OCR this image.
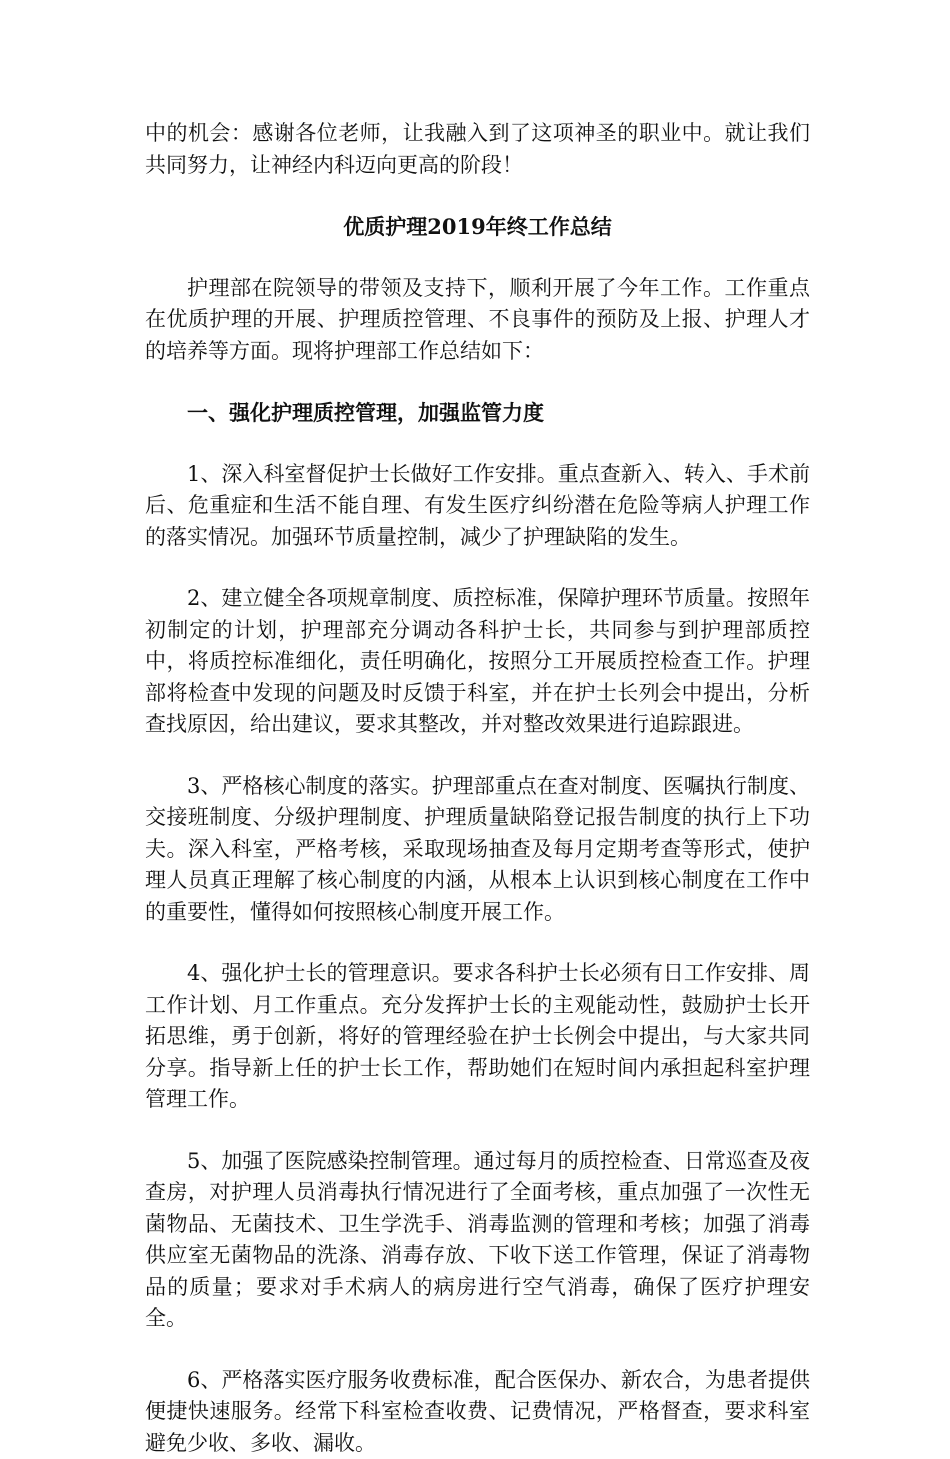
中的机会：感谢各位老师，让我融入到了这项神圣的职业中。就让我们共同努力，让神经内科迈向更高的阶段！

优质护理2019年终工作总结

护理部在院领导的带领及支持下，顺利开展了今年工作。工作重点在优质护理的开展、护理质控管理、不良事件的预防及上报、护理人才的培养等方面。现将护理部工作总结如下：

一、强化护理质控管理，加强监管力度

1、深入科室督促护士长做好工作安排。重点查新入、转入、手术前后、危重症和生活不能自理、有发生医疗纠纷潜在危险等病人护理工作的落实情况。加强环节质量控制，减少了护理缺陷的发生。

2、建立健全各项规章制度、质控标准，保障护理环节质量。按照年初制定的计划，护理部充分调动各科护士长，共同参与到护理部质控中，将质控标准细化，责任明确化，按照分工开展质控检查工作。护理部将检查中发现的问题及时反馈于科室，并在护士长列会中提出，分析查找原因，给出建议，要求其整改，并对整改效果进行追踪跟进。

3、严格核心制度的落实。护理部重点在查对制度、医嘱执行制度、交接班制度、分级护理制度、护理质量缺陷登记报告制度的执行上下功夫。深入科室，严格考核，采取现场抽查及每月定期考查等形式，使护理人员真正理解了核心制度的内涵，从根本上认识到核心制度在工作中的重要性，懂得如何按照核心制度开展工作。

4、强化护士长的管理意识。要求各科护士长必须有日工作安排、周工作计划、月工作重点。充分发挥护士长的主观能动性，鼓励护士长开拓思维，勇于创新，将好的管理经验在护士长例会中提出，与大家共同分享。指导新上任的护士长工作，帮助她们在短时间内承担起科室护理管理工作。

5、加强了医院感染控制管理。通过每月的质控检查、日常巡查及夜查房，对护理人员消毒执行情况进行了全面考核，重点加强了一次性无菌物品、无菌技术、卫生学洗手、消毒监测的管理和考核；加强了消毒供应室无菌物品的洗涤、消毒存放、下收下送工作管理，保证了消毒物品的质量；要求对手术病人的病房进行空气消毒，确保了医疗护理安全。

6、严格落实医疗服务收费标准，配合医保办、新农合，为患者提供便捷快速服务。经常下科室检查收费、记费情况，严格督查，要求科室避免少收、多收、漏收。
